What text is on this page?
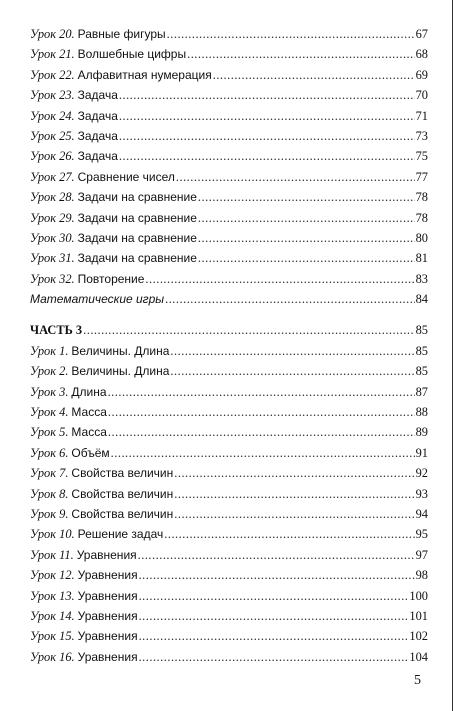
Урок 20. Равные фигуры .....	67
Урок 21. Волшебные цифры .....	68
Урок 22. Алфавитная нумерация .....	69
Урок 23. Задача .....	70
Урок 24. Задача .....	71
Урок 25. Задача .....	73
Урок 26. Задача .....	75
Урок 27. Сравнение чисел .....	77
Урок 28. Задачи на сравнение .....	78
Урок 29. Задачи на сравнение .....	78
Урок 30. Задачи на сравнение .....	80
Урок 31. Задачи на сравнение .....	81
Урок 32. Повторение .....	83
Математические игры .....	84
ЧАСТЬ 3 .....	85
Урок 1. Величины. Длина .....	85
Урок 2. Величины. Длина .....	85
Урок 3. Длина .....	87
Урок 4. Масса .....	88
Урок 5. Масса .....	89
Урок 6. Объём .....	91
Урок 7. Свойства величин .....	92
Урок 8. Свойства величин .....	93
Урок 9. Свойства величин .....	94
Урок 10. Решение задач .....	95
Урок 11. Уравнения .....	97
Урок 12. Уравнения .....	98
Урок 13. Уравнения .....	100
Урок 14. Уравнения .....	101
Урок 15. Уравнения .....	102
Урок 16. Уравнения .....	104
5
